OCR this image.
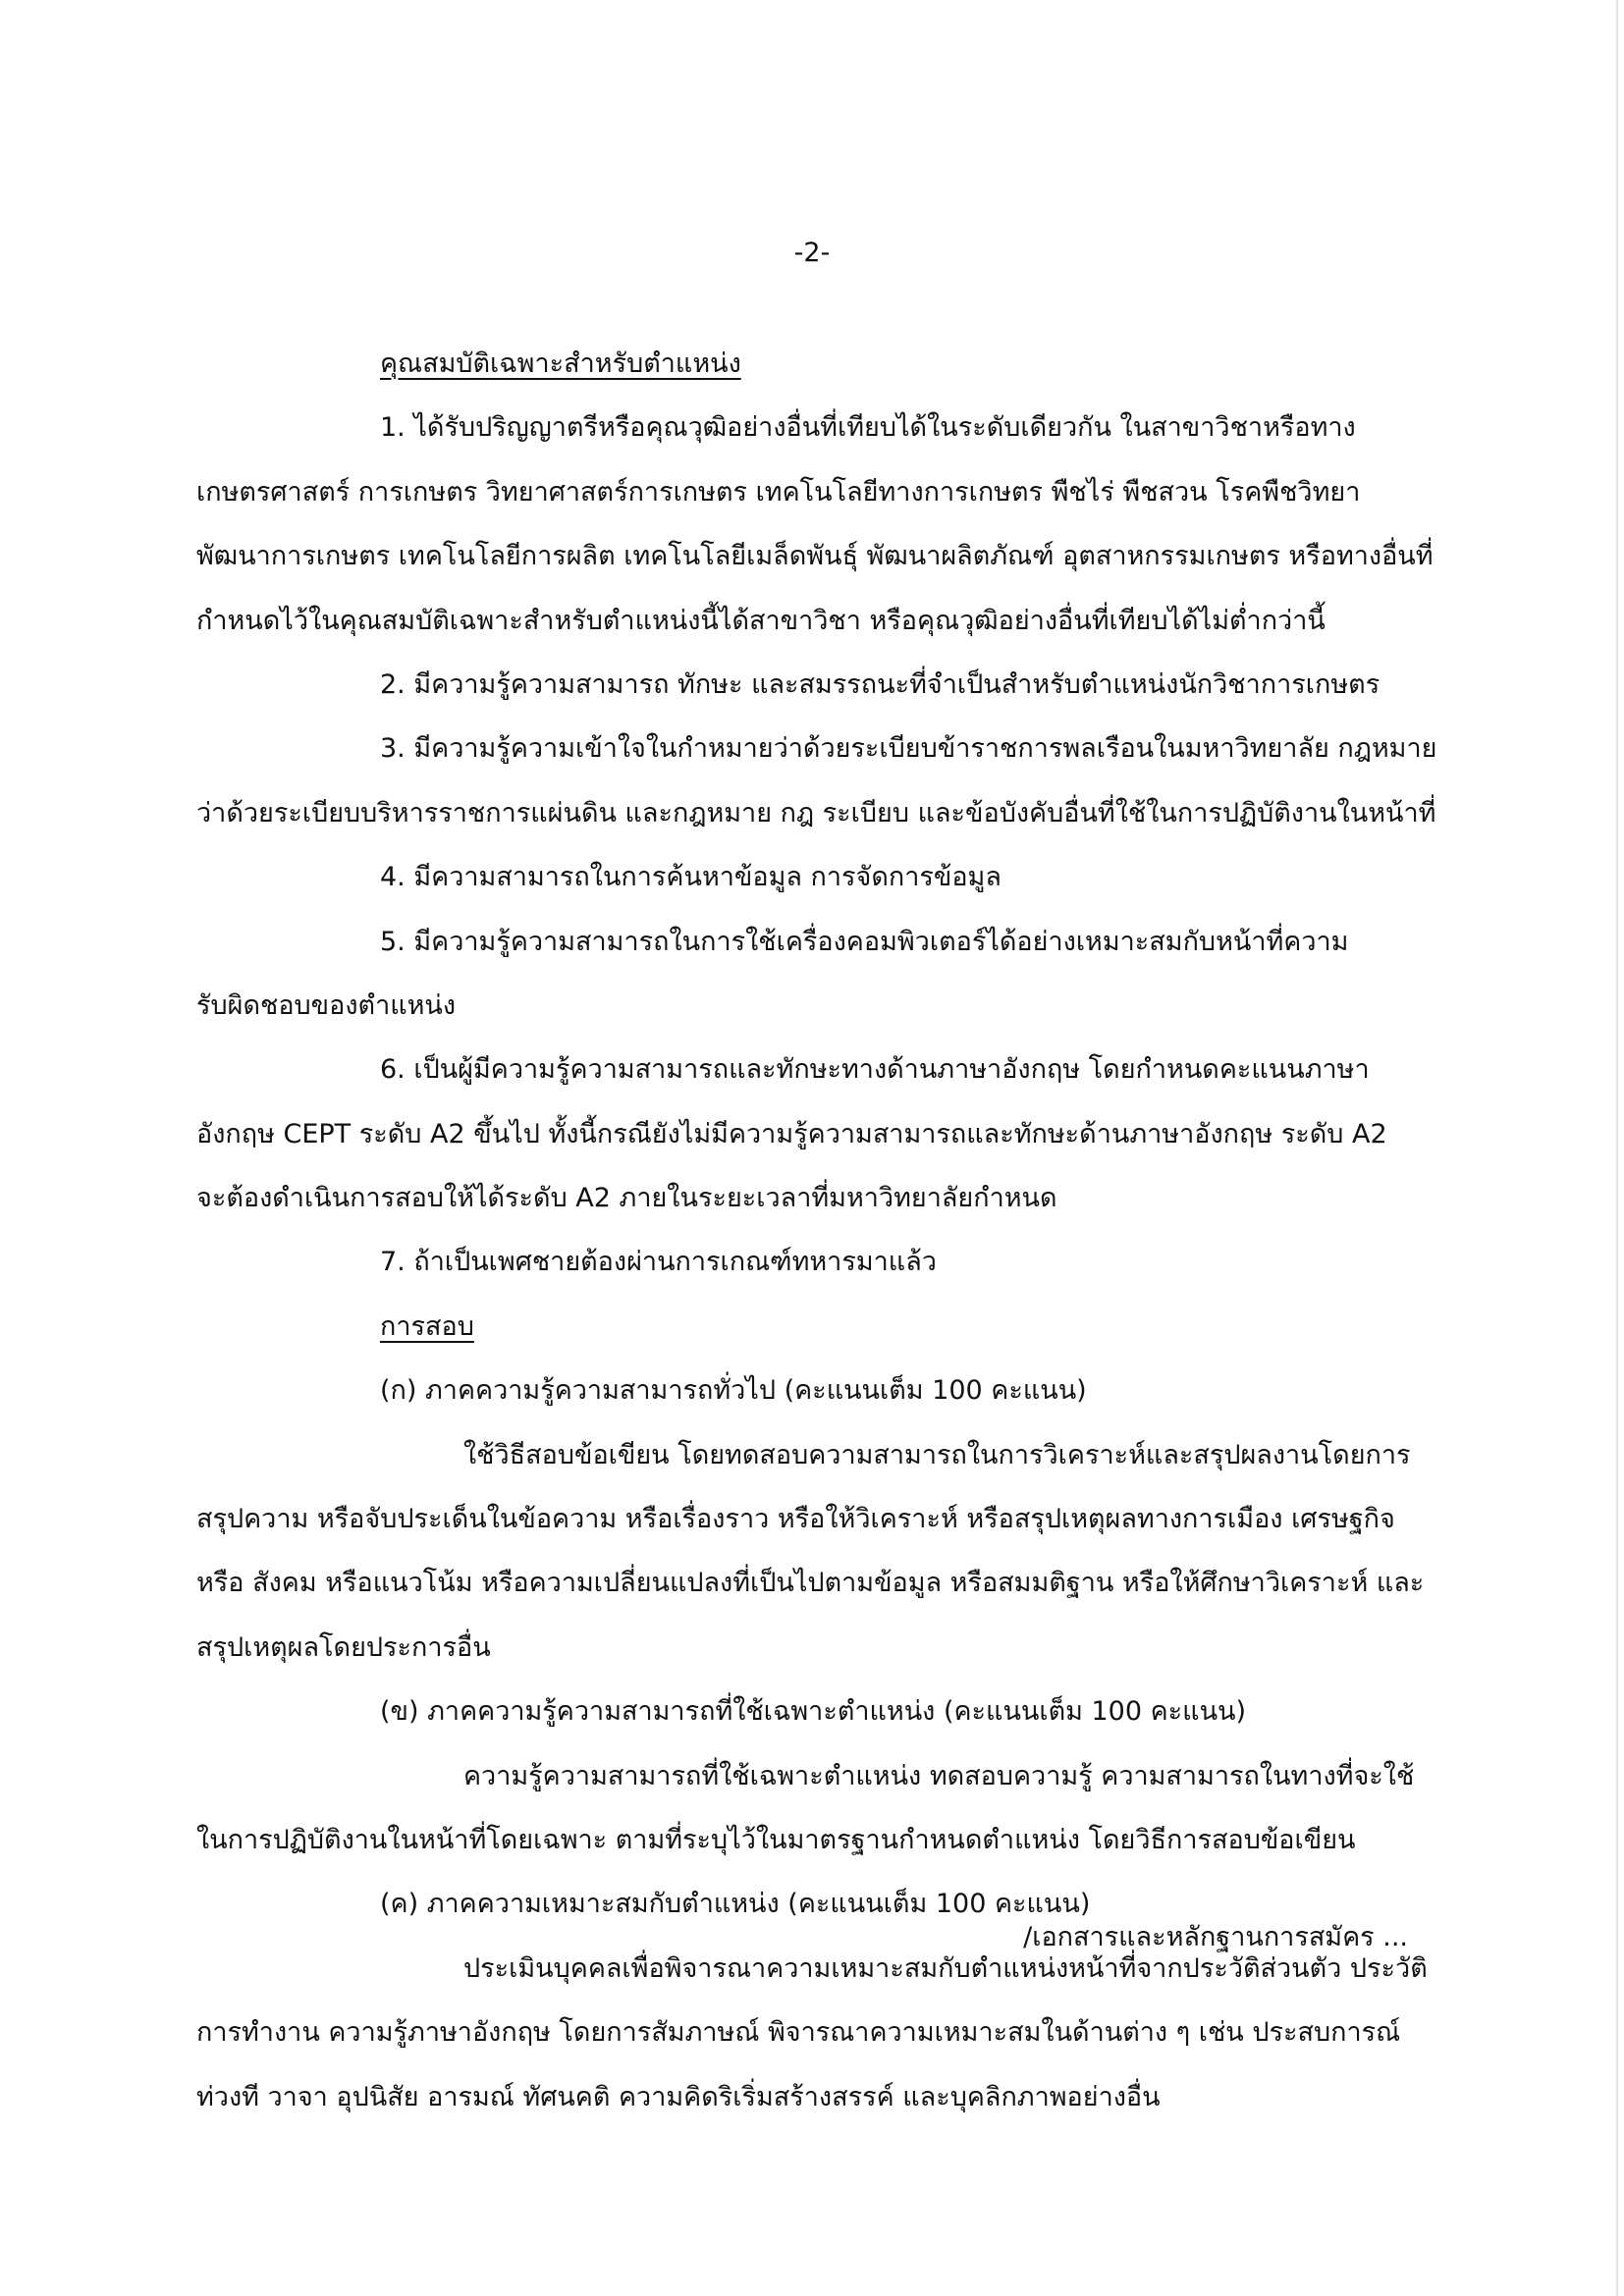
-2-
คุณสมบัติเฉพาะสำหรับตำแหน่ง
1. ได้รับปริญญาตรีหรือคุณวุฒิอย่างอื่นที่เทียบได้ในระดับเดียวกัน ในสาขาวิชาหรือทาง
เกษตรศาสตร์ การเกษตร วิทยาศาสตร์การเกษตร เทคโนโลยีทางการเกษตร พืชไร่ พืชสวน โรคพืชวิทยา
พัฒนาการเกษตร เทคโนโลยีการผลิต เทคโนโลยีเมล็ดพันธุ์ พัฒนาผลิตภัณฑ์ อุตสาหกรรมเกษตร หรือทางอื่นที่
กำหนดไว้ในคุณสมบัติเฉพาะสำหรับตำแหน่งนี้ได้สาขาวิชา หรือคุณวุฒิอย่างอื่นที่เทียบได้ไม่ต่ำกว่านี้
2. มีความรู้ความสามารถ ทักษะ และสมรรถนะที่จำเป็นสำหรับตำแหน่งนักวิชาการเกษตร
3. มีความรู้ความเข้าใจในกำหมายว่าด้วยระเบียบข้าราชการพลเรือนในมหาวิทยาลัย กฎหมาย
ว่าด้วยระเบียบบริหารราชการแผ่นดิน และกฎหมาย กฎ ระเบียบ และข้อบังคับอื่นที่ใช้ในการปฏิบัติงานในหน้าที่
4. มีความสามารถในการค้นหาข้อมูล การจัดการข้อมูล
5. มีความรู้ความสามารถในการใช้เครื่องคอมพิวเตอร์ได้อย่างเหมาะสมกับหน้าที่ความ
รับผิดชอบของตำแหน่ง
6. เป็นผู้มีความรู้ความสามารถและทักษะทางด้านภาษาอังกฤษ โดยกำหนดคะแนนภาษา
อังกฤษ CEPT ระดับ A2 ขึ้นไป ทั้งนี้กรณียังไม่มีความรู้ความสามารถและทักษะด้านภาษาอังกฤษ ระดับ A2
จะต้องดำเนินการสอบให้ได้ระดับ A2 ภายในระยะเวลาที่มหาวิทยาลัยกำหนด
7. ถ้าเป็นเพศชายต้องผ่านการเกณฑ์ทหารมาแล้ว
การสอบ
(ก) ภาคความรู้ความสามารถทั่วไป (คะแนนเต็ม 100 คะแนน)
ใช้วิธีสอบข้อเขียน โดยทดสอบความสามารถในการวิเคราะห์และสรุปผลงานโดยการ
สรุปความ หรือจับประเด็นในข้อความ หรือเรื่องราว หรือให้วิเคราะห์ หรือสรุปเหตุผลทางการเมือง เศรษฐกิจ
หรือ สังคม หรือแนวโน้ม หรือความเปลี่ยนแปลงที่เป็นไปตามข้อมูล หรือสมมติฐาน หรือให้ศึกษาวิเคราะห์ และ
สรุปเหตุผลโดยประการอื่น
(ข) ภาคความรู้ความสามารถที่ใช้เฉพาะตำแหน่ง (คะแนนเต็ม 100 คะแนน)
ความรู้ความสามารถที่ใช้เฉพาะตำแหน่ง ทดสอบความรู้ ความสามารถในทางที่จะใช้
ในการปฏิบัติงานในหน้าที่โดยเฉพาะ ตามที่ระบุไว้ในมาตรฐานกำหนดตำแหน่ง โดยวิธีการสอบข้อเขียน
(ค) ภาคความเหมาะสมกับตำแหน่ง (คะแนนเต็ม 100 คะแนน)
ประเมินบุคคลเพื่อพิจารณาความเหมาะสมกับตำแหน่งหน้าที่จากประวัติส่วนตัว ประวัติ
การทำงาน ความรู้ภาษาอังกฤษ โดยการสัมภาษณ์ พิจารณาความเหมาะสมในด้านต่าง ๆ เช่น ประสบการณ์
ท่วงที วาจา อุปนิสัย อารมณ์ ทัศนคติ ความคิดริเริ่มสร้างสรรค์ และบุคลิกภาพอย่างอื่น
/เอกสารและหลักฐานการสมัคร ...
